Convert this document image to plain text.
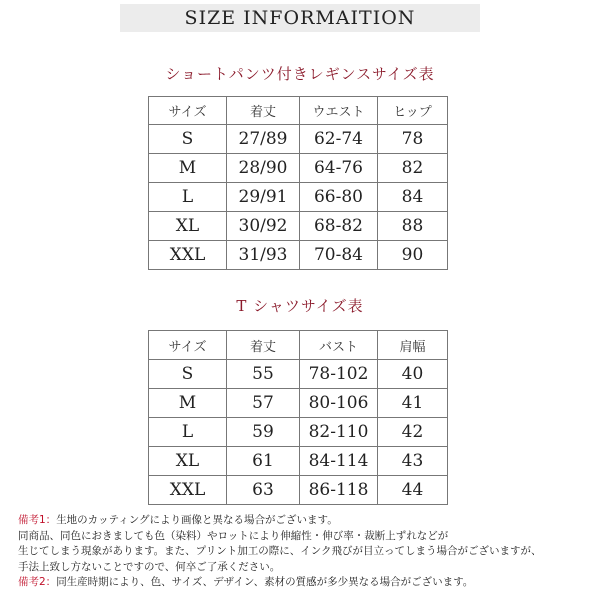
SIZE INFORMAITION
ショートパンツ付きレギンスサイズ表
サイズ	着丈	ウエスト	ヒップ
S	27/89	62-74	78
M	28/90	64-76	82
L	29/91	66-80	84
XL	30/92	68-82	88
XXL	31/93	70-84	90
T シャツサイズ表
サイズ	着丈	バスト	肩幅
S	55	78-102	40
M	57	80-106	41
L	59	82-110	42
XL	61	84-114	43
XXL	63	86-118	44

備考1：生地のカッティングにより画像と異なる場合がございます。

同商品、同色におきましても色（染料）やロットにより伸縮性・伸び率・裁断上ずれなどが

生じてしまう現象があります。また、プリント加工の際に、インク飛びが目立ってしまう場合がございますが、

手法上致し方ないことですので、何卒ご了承ください。

備考2：同生産時期により、色、サイズ、デザイン、素材の質感が多少異なる場合がございます。
